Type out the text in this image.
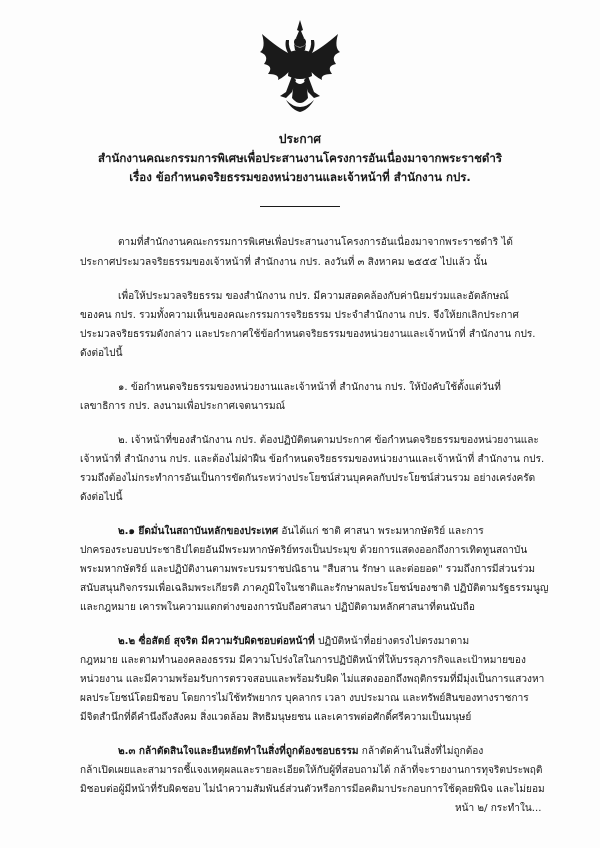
ประกาศ
สำนักงานคณะกรรมการพิเศษเพื่อประสานงานโครงการอันเนื่องมาจากพระราชดำริ
เรื่อง ข้อกำหนดจริยธรรมของหน่วยงานและเจ้าหน้าที่ สำนักงาน กปร.
ตามที่สำนักงานคณะกรรมการพิเศษเพื่อประสานงานโครงการอันเนื่องมาจากพระราชดำริ ได้
ประกาศประมวลจริยธรรมของเจ้าหน้าที่ สำนักงาน กปร. ลงวันที่ ๓ สิงหาคม ๒๕๕๕ ไปแล้ว นั้น
เพื่อให้ประมวลจริยธรรม ของสำนักงาน กปร. มีความสอดคล้องกับค่านิยมร่วมและอัตลักษณ์
ของคน กปร. รวมทั้งความเห็นของคณะกรรมการจริยธรรม ประจำสำนักงาน กปร. จึงให้ยกเลิกประกาศ
ประมวลจริยธรรมดังกล่าว และประกาศใช้ข้อกำหนดจริยธรรมของหน่วยงานและเจ้าหน้าที่ สำนักงาน กปร.
ดังต่อไปนี้
๑. ข้อกำหนดจริยธรรมของหน่วยงานและเจ้าหน้าที่ สำนักงาน กปร. ให้บังคับใช้ตั้งแต่วันที่
เลขาธิการ กปร. ลงนามเพื่อประกาศเจตนารมณ์
๒. เจ้าหน้าที่ของสำนักงาน กปร. ต้องปฏิบัติตนตามประกาศ ข้อกำหนดจริยธรรมของหน่วยงานและ
เจ้าหน้าที่ สำนักงาน กปร. และต้องไม่ฝ่าฝืน ข้อกำหนดจริยธรรมของหน่วยงานและเจ้าหน้าที่ สำนักงาน กปร.
รวมถึงต้องไม่กระทำการอันเป็นการขัดกันระหว่างประโยชน์ส่วนบุคคลกับประโยชน์ส่วนรวม อย่างเคร่งครัด
ดังต่อไปนี้
๒.๑ ยึดมั่นในสถาบันหลักของประเทศ อันได้แก่ ชาติ ศาสนา พระมหากษัตริย์ และการ
ปกครองระบอบประชาธิปไตยอันมีพระมหากษัตริย์ทรงเป็นประมุข ด้วยการแสดงออกถึงการเทิดทูนสถาบัน
พระมหากษัตริย์ และปฏิบัติงานตามพระบรมราชปณิธาน "สืบสาน รักษา และต่อยอด" รวมถึงการมีส่วนร่วม
สนับสนุนกิจกรรมเพื่อเฉลิมพระเกียรติ ภาคภูมิใจในชาติและรักษาผลประโยชน์ของชาติ ปฏิบัติตามรัฐธรรมนูญ
และกฎหมาย เคารพในความแตกต่างของการนับถือศาสนา ปฏิบัติตามหลักศาสนาที่ตนนับถือ
๒.๒ ซื่อสัตย์ สุจริต มีความรับผิดชอบต่อหน้าที่ ปฏิบัติหน้าที่อย่างตรงไปตรงมาตาม
กฎหมาย และตามทำนองคลองธรรม มีความโปร่งใสในการปฏิบัติหน้าที่ให้บรรลุภารกิจและเป้าหมายของ
หน่วยงาน และมีความพร้อมรับการตรวจสอบและพร้อมรับผิด ไม่แสดงออกถึงพฤติกรรมที่มีมุ่งเป็นการแสวงหา
ผลประโยชน์โดยมิชอบ โดยการไม่ใช้ทรัพยากร บุคลากร เวลา งบประมาณ และทรัพย์สินของทางราชการ
มีจิตสำนึกที่ดีคำนึงถึงสังคม สิ่งแวดล้อม สิทธิมนุษยชน และเคารพต่อศักดิ์ศรีความเป็นมนุษย์
๒.๓ กล้าตัดสินใจและยืนหยัดทำในสิ่งที่ถูกต้องชอบธรรม กล้าตัดค้านในสิ่งที่ไม่ถูกต้อง
กล้าเปิดเผยและสามารถชี้แจงเหตุผลและรายละเอียดให้กับผู้ที่สอบถามได้ กล้าที่จะรายงานการทุจริตประพฤติ
มิชอบต่อผู้มีหน้าที่รับผิดชอบ ไม่นำความสัมพันธ์ส่วนตัวหรือการมีอคติมาประกอบการใช้ดุลยพินิจ และไม่ยอม
หน้า ๒/ กระทำใน...
